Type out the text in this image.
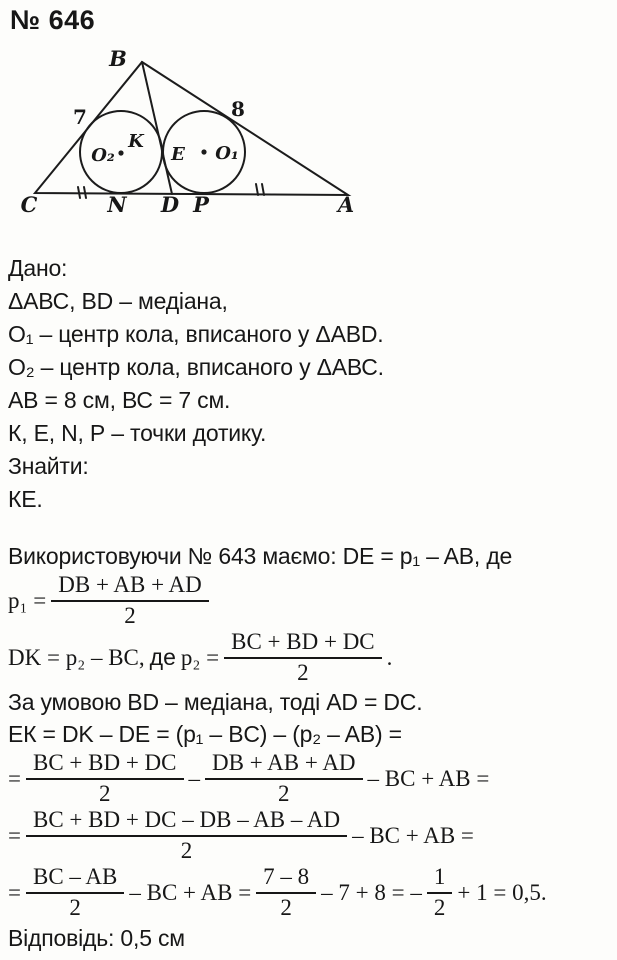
№ 646
B
C	A
D
N	P
K
E
O₂	O₁
7	8
Дано:
ΔАВС, BD – медіана,
О₁ – центр кола, вписаного у ΔАВD.
О₂ – центр кола, вписаного у ΔАВС.
АВ = 8 см, ВС = 7 см.
К, Е, N, Р – точки дотику.
Знайти:
КЕ.
Використовуючи № 643 маємо: DE = p₁ – AB, де
$p_1 = \frac{DB + AB + AD}{2}$
DK = p₂ – BC, де $p_2 = \frac{BC + BD + DC}{2}$ .
За умовою BD – медіана, тоді AD = DC.
ЕК = DK – DE = (p₁ – BC) – (p₂ – AB) =
= $\frac{BC + BD + DC}{2} - \frac{DB + AB + AD}{2}$ – BC + AB =
= $\frac{BC + BD + DC - DB - AB - AD}{2}$ – BC + AB =
= $\frac{BC - AB}{2}$ – BC + AB = $\frac{7 - 8}{2} - 7 + 8$ = – $\frac{1}{2} + 1 = 0,5$.
Відповідь: 0,5 см
